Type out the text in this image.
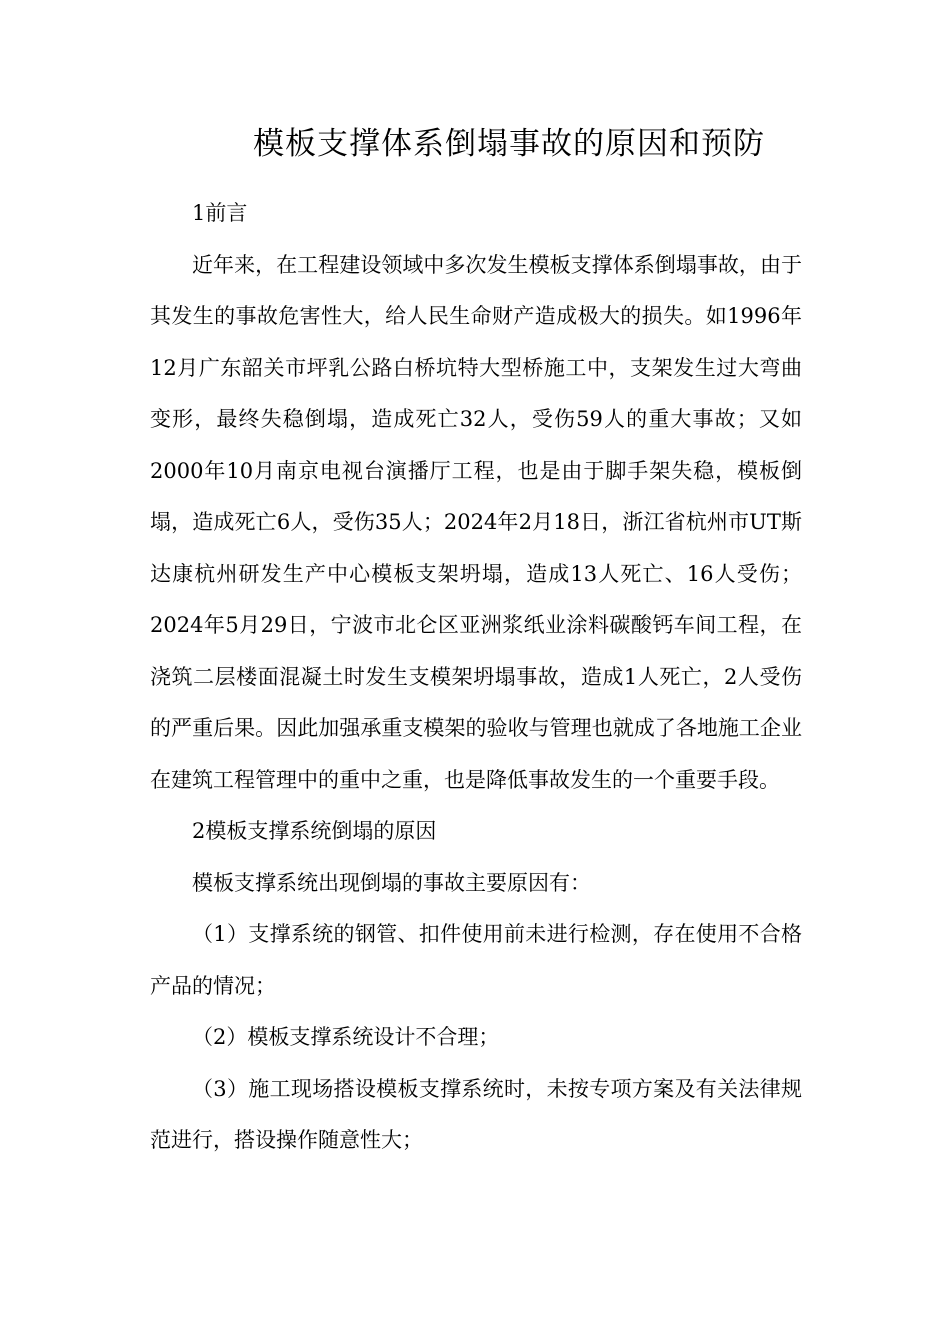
模板支撑体系倒塌事故的原因和预防

1前言

近年来，在工程建设领域中多次发生模板支撑体系倒塌事故，由于其发生的事故危害性大，给人民生命财产造成极大的损失。如1996年12月广东韶关市坪乳公路白桥坑特大型桥施工中，支架发生过大弯曲变形，最终失稳倒塌，造成死亡32人，受伤59人的重大事故；又如2000年10月南京电视台演播厅工程，也是由于脚手架失稳，模板倒塌，造成死亡6人，受伤35人；2024年2月18日，浙江省杭州市UT斯达康杭州研发生产中心模板支架坍塌，造成13人死亡、16人受伤；2024年5月29日，宁波市北仑区亚洲浆纸业涂料碳酸钙车间工程，在浇筑二层楼面混凝土时发生支模架坍塌事故，造成1人死亡，2人受伤的严重后果。因此加强承重支模架的验收与管理也就成了各地施工企业在建筑工程管理中的重中之重，也是降低事故发生的一个重要手段。

2模板支撑系统倒塌的原因

模板支撑系统出现倒塌的事故主要原因有：

（1）支撑系统的钢管、扣件使用前未进行检测，存在使用不合格产品的情况；

（2）模板支撑系统设计不合理；

（3）施工现场搭设模板支撑系统时，未按专项方案及有关法律规范进行，搭设操作随意性大；
